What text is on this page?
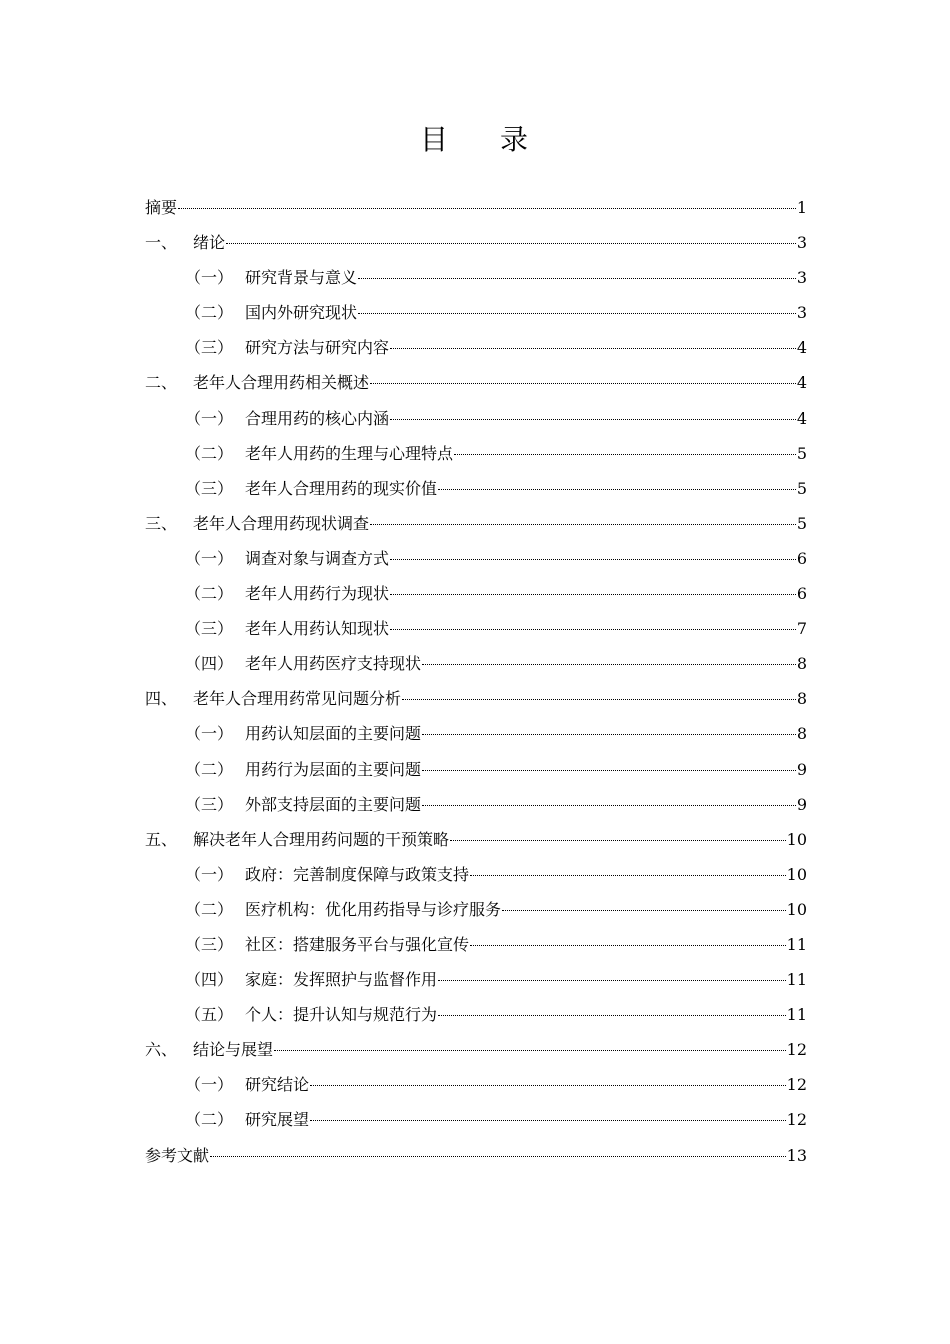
目 录
摘要	1
一、 绪论	3
（一） 研究背景与意义	3
（二） 国内外研究现状	3
（三） 研究方法与研究内容	4
二、 老年人合理用药相关概述	4
（一） 合理用药的核心内涵	4
（二） 老年人用药的生理与心理特点	5
（三） 老年人合理用药的现实价值	5
三、 老年人合理用药现状调查	5
（一） 调查对象与调查方式	6
（二） 老年人用药行为现状	6
（三） 老年人用药认知现状	7
（四） 老年人用药医疗支持现状	8
四、 老年人合理用药常见问题分析	8
（一） 用药认知层面的主要问题	8
（二） 用药行为层面的主要问题	9
（三） 外部支持层面的主要问题	9
五、 解决老年人合理用药问题的干预策略	10
（一） 政府：完善制度保障与政策支持	10
（二） 医疗机构：优化用药指导与诊疗服务	10
（三） 社区：搭建服务平台与强化宣传	11
（四） 家庭：发挥照护与监督作用	11
（五） 个人：提升认知与规范行为	11
六、 结论与展望	12
（一） 研究结论	12
（二） 研究展望	12
参考文献	13
